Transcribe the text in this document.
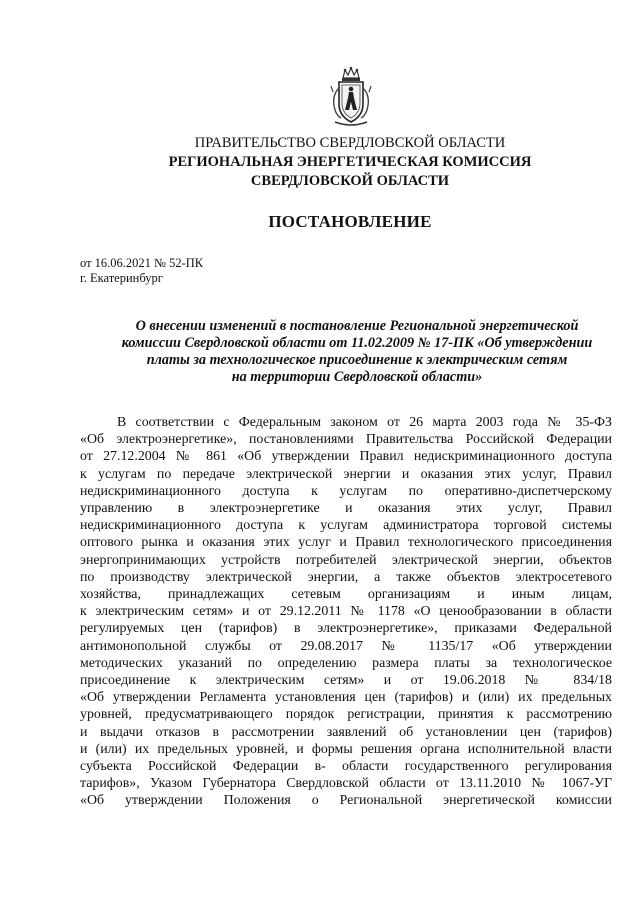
ПРАВИТЕЛЬСТВО СВЕРДЛОВСКОЙ ОБЛАСТИ
РЕГИОНАЛЬНАЯ ЭНЕРГЕТИЧЕСКАЯ КОМИССИЯ
СВЕРДЛОВСКОЙ ОБЛАСТИ
ПОСТАНОВЛЕНИЕ
от 16.06.2021 № 52-ПК
г. Екатеринбург
О внесении изменений в постановление Региональной энергетической
комиссии Свердловской области от 11.02.2009 № 17-ПК «Об утверждении
платы за технологическое присоединение к электрическим сетям
на территории Свердловской области»
В соответствии с Федеральным законом от 26 марта 2003 года № 35-ФЗ
«Об электроэнергетике», постановлениями Правительства Российской Федерации
от 27.12.2004 № 861 «Об утверждении Правил недискриминационного доступа
к услугам по передаче электрической энергии и оказания этих услуг, Правил
недискриминационного доступа к услугам по оперативно-диспетчерскому
управлению в электроэнергетике и оказания этих услуг, Правил
недискриминационного доступа к услугам администратора торговой системы
оптового рынка и оказания этих услуг и Правил технологического присоединения
энергопринимающих устройств потребителей электрической энергии, объектов
по производству электрической энергии, а также объектов электросетевого
хозяйства, принадлежащих сетевым организациям и иным лицам,
к электрическим сетям» и от 29.12.2011 № 1178 «О ценообразовании в области
регулируемых цен (тарифов) в электроэнергетике», приказами Федеральной
антимонопольной службы от 29.08.2017 № 1135/17 «Об утверждении
методических указаний по определению размера платы за технологическое
присоединение к электрическим сетям» и от 19.06.2018 № 834/18
«Об утверждении Регламента установления цен (тарифов) и (или) их предельных
уровней, предусматривающего порядок регистрации, принятия к рассмотрению
и выдачи отказов в рассмотрении заявлений об установлении цен (тарифов)
и (или) их предельных уровней, и формы решения органа исполнительной власти
субъекта Российской Федерации в- области государственного регулирования
тарифов», Указом Губернатора Свердловской области от 13.11.2010 № 1067-УГ
«Об утверждении Положения о Региональной энергетической комиссии
